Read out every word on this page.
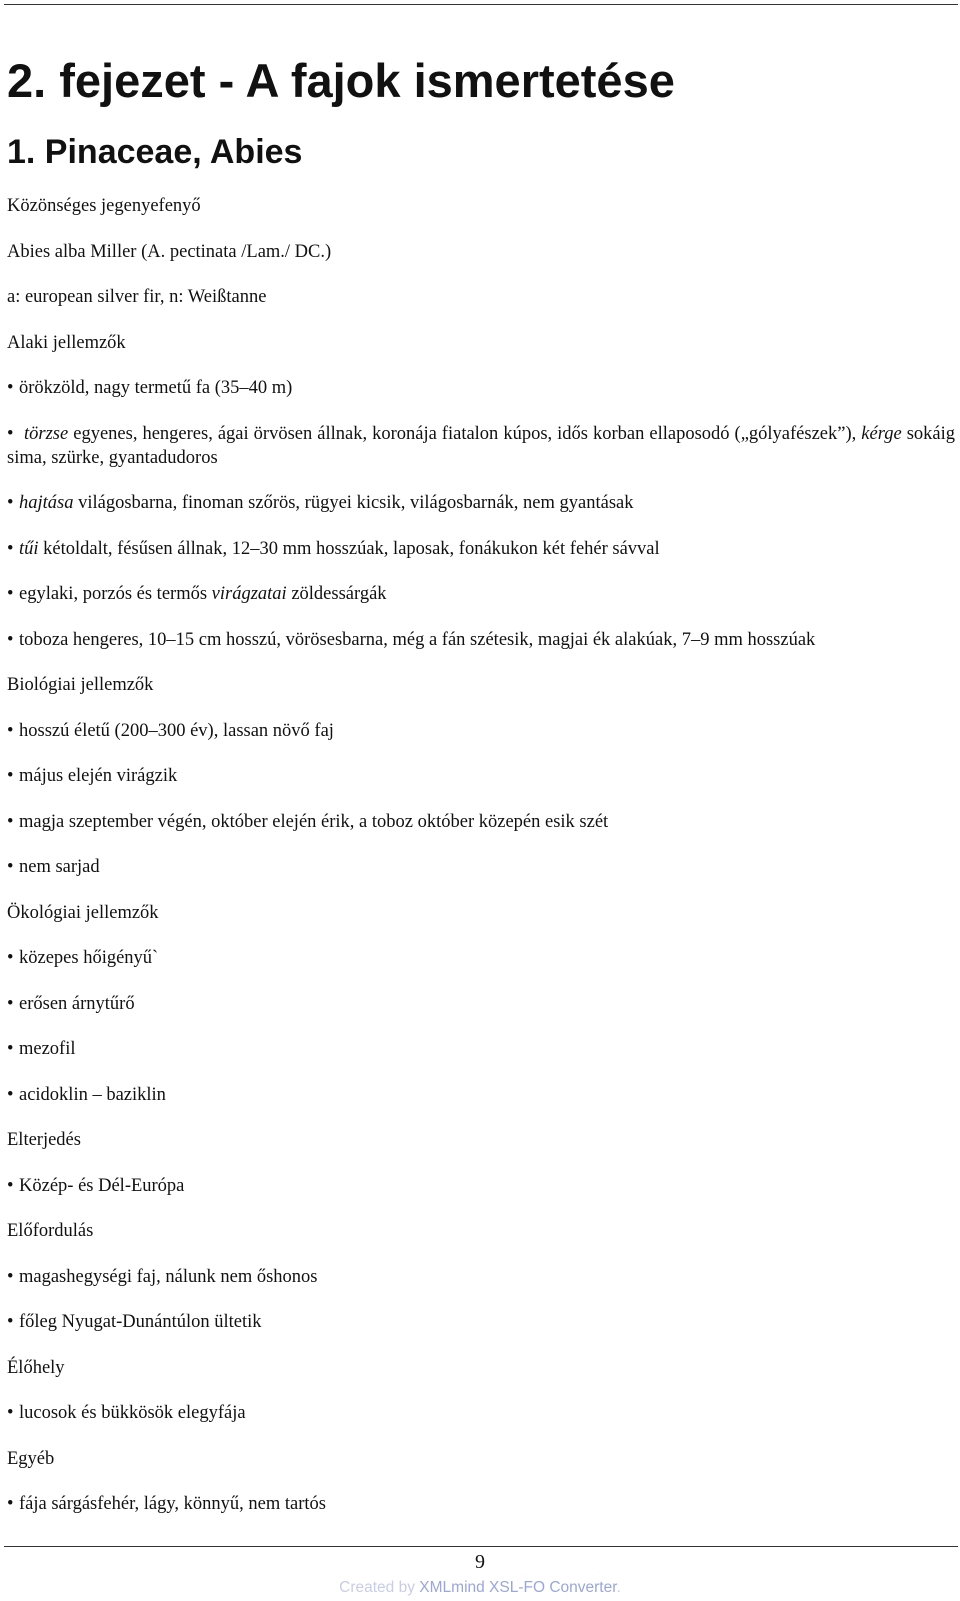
2. fejezet - A fajok ismertetése
1. Pinaceae, Abies

Közönséges jegenyefenyő

Abies alba Miller (A. pectinata /Lam./ DC.)

a: european silver fir, n: Weißtanne

Alaki jellemzők

• örökzöld, nagy termetű fa (35–40 m)

• törzse egyenes, hengeres, ágai örvösen állnak, koronája fiatalon kúpos, idős korban ellaposodó („gólyafészek”), kérge sokáig sima, szürke, gyantadudoros

• hajtása világosbarna, finoman szőrös, rügyei kicsik, világosbarnák, nem gyantásak

• tűi kétoldalt, fésűsen állnak, 12–30 mm hosszúak, laposak, fonákukon két fehér sávval

• egylaki, porzós és termős virágzatai zöldessárgák

• toboza hengeres, 10–15 cm hosszú, vörösesbarna, még a fán szétesik, magjai ék alakúak, 7–9 mm hosszúak

Biológiai jellemzők

• hosszú életű (200–300 év), lassan növő faj

• május elején virágzik

• magja szeptember végén, október elején érik, a toboz október közepén esik szét

• nem sarjad

Ökológiai jellemzők

• közepes hőigényű`

• erősen árnytűrő

• mezofil

• acidoklin – baziklin

Elterjedés

• Közép- és Dél-Európa

Előfordulás

• magashegységi faj, nálunk nem őshonos

• főleg Nyugat-Dunántúlon ültetik

Élőhely

• lucosok és bükkösök elegyfája

Egyéb

• fája sárgásfehér, lágy, könnyű, nem tartós

9
Created by XMLmind XSL-FO Converter.
